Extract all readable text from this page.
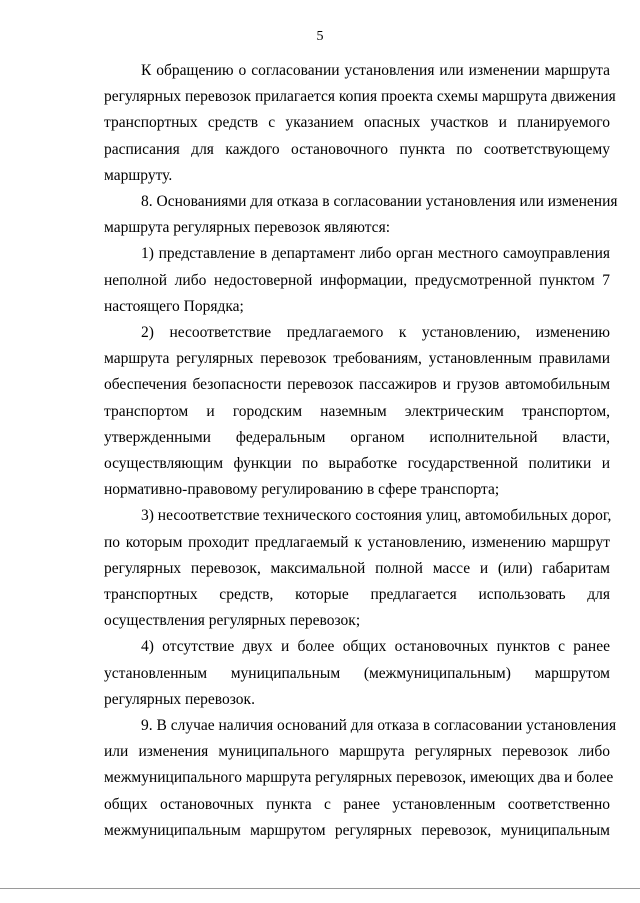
5

К обращению о согласовании установления или изменении маршрута
регулярных перевозок прилагается копия проекта схемы маршрута движения
транспортных средств с указанием опасных участков и планируемого
расписания для каждого остановочного пункта по соответствующему
маршруту.

8. Основаниями для отказа в согласовании установления или изменения
маршрута регулярных перевозок являются:

1) представление в департамент либо орган местного самоуправления
неполной либо недостоверной информации, предусмотренной пунктом 7
настоящего Порядка;

2) несоответствие предлагаемого к установлению, изменению
маршрута регулярных перевозок требованиям, установленным правилами
обеспечения безопасности перевозок пассажиров и грузов автомобильным
транспортом и городским наземным электрическим транспортом,
утвержденными федеральным органом исполнительной власти,
осуществляющим функции по выработке государственной политики и
нормативно-правовому регулированию в сфере транспорта;

3) несоответствие технического состояния улиц, автомобильных дорог,
по которым проходит предлагаемый к установлению, изменению маршрут
регулярных перевозок, максимальной полной массе и (или) габаритам
транспортных средств, которые предлагается использовать для
осуществления регулярных перевозок;

4) отсутствие двух и более общих остановочных пунктов с ранее
установленным муниципальным (межмуниципальным) маршрутом
регулярных перевозок.

9. В случае наличия оснований для отказа в согласовании установления
или изменения муниципального маршрута регулярных перевозок либо
межмуниципального маршрута регулярных перевозок, имеющих два и более
общих остановочных пункта с ранее установленным соответственно
межмуниципальным маршрутом регулярных перевозок, муниципальным
